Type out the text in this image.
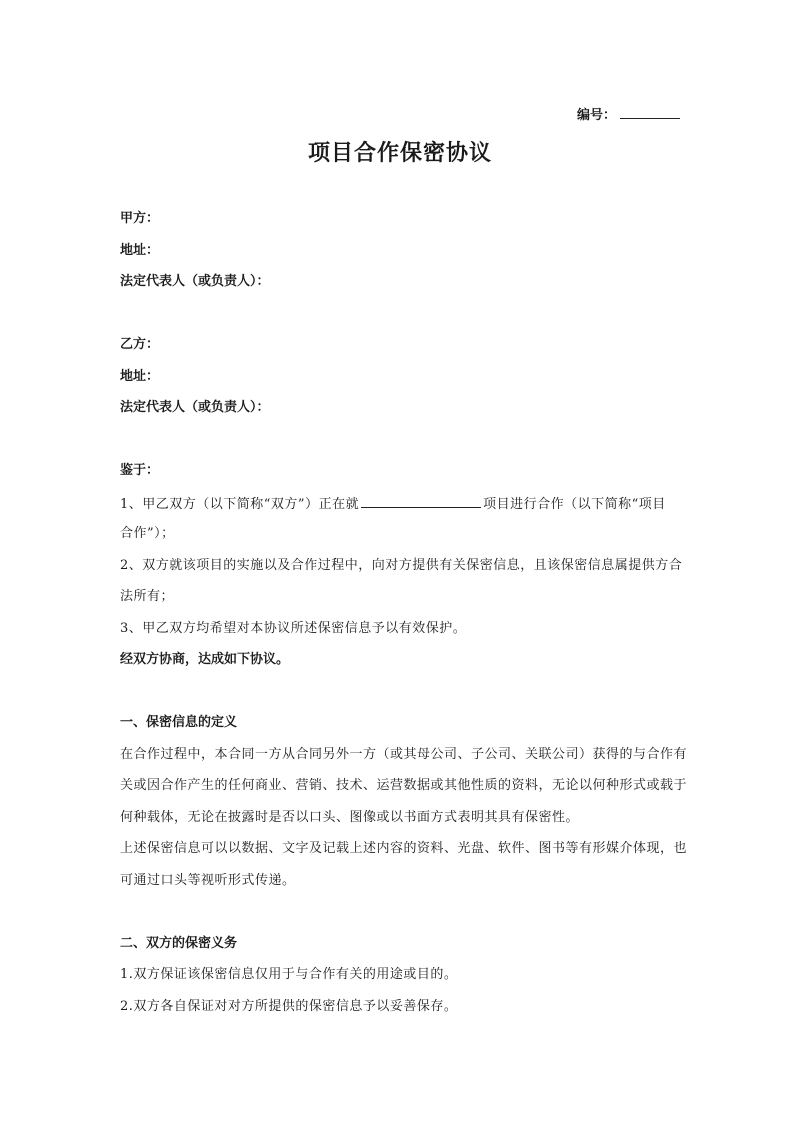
编号：
项目合作保密协议
甲方：
地址：
法定代表人（或负责人）：
乙方：
地址：
法定代表人（或负责人）：
鉴于：
1、甲乙双方（以下简称“双方”）正在就	项目进行合作（以下简称“项目
合作”）；
2、双方就该项目的实施以及合作过程中，向对方提供有关保密信息，且该保密信息属提供方合
法所有；
3、甲乙双方均希望对本协议所述保密信息予以有效保护。
经双方协商，达成如下协议。
一、保密信息的定义
在合作过程中，本合同一方从合同另外一方（或其母公司、子公司、关联公司）获得的与合作有
关或因合作产生的任何商业、营销、技术、运营数据或其他性质的资料，无论以何种形式或载于
何种载体，无论在披露时是否以口头、图像或以书面方式表明其具有保密性。
上述保密信息可以以数据、文字及记载上述内容的资料、光盘、软件、图书等有形媒介体现，也
可通过口头等视听形式传递。
二、双方的保密义务
1.双方保证该保密信息仅用于与合作有关的用途或目的。
2.双方各自保证对对方所提供的保密信息予以妥善保存。
